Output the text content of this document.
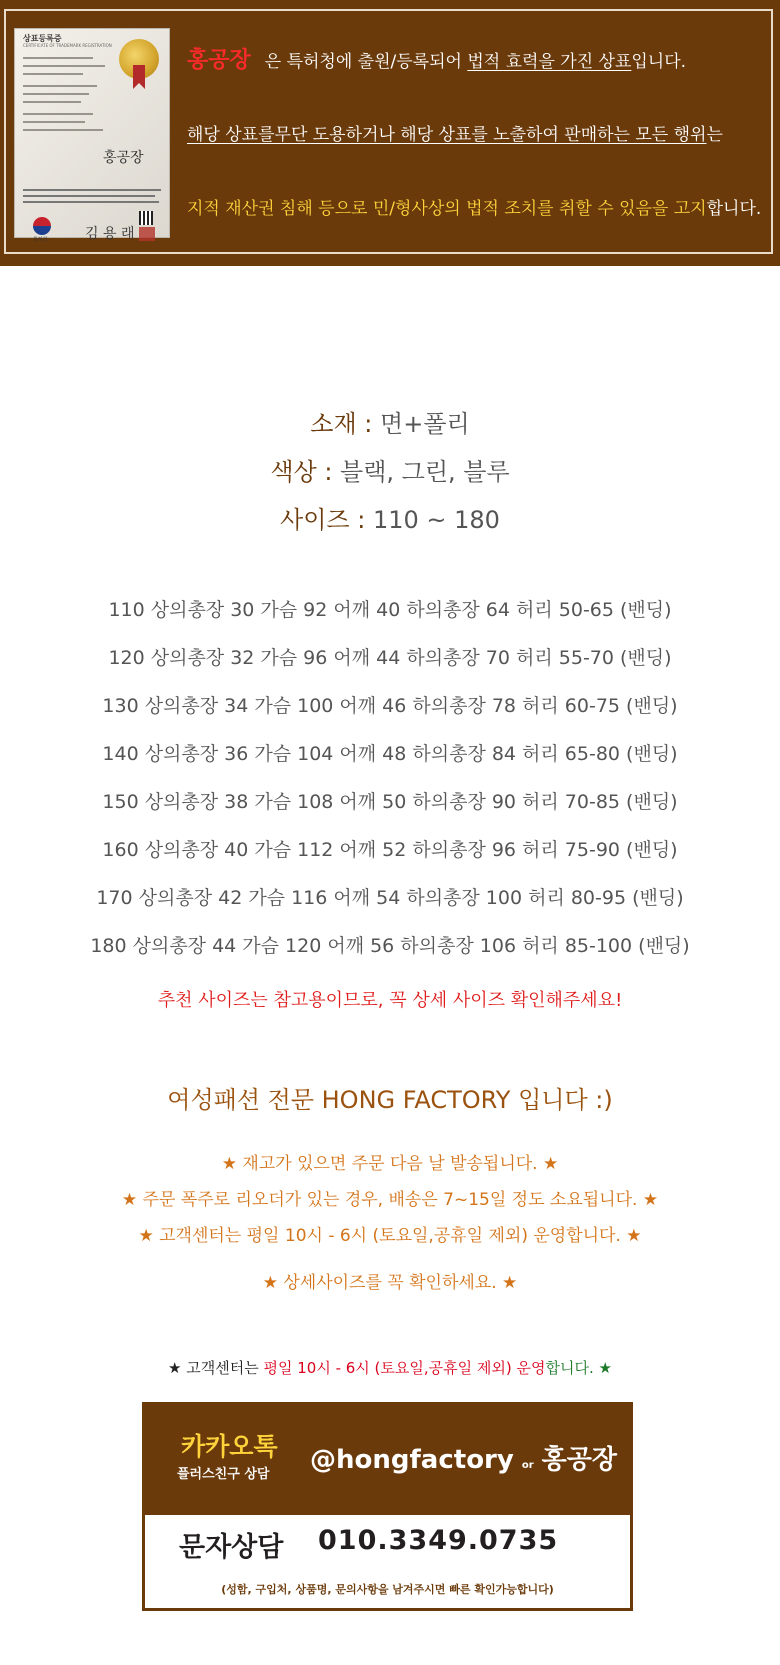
상표등록증
CERTIFICATE OF TRADEMARK REGISTRATION
홍공장
특허청	김 용 래
홍공장 은 특허청에 출원/등록되어 법적 효력을 가진 상표입니다.
해당 상표를무단 도용하거나 해당 상표를 노출하여 판매하는 모든 행위는
지적 재산권 침해 등으로 민/형사상의 법적 조치를 취할 수 있음을 고지합니다.
소재 : 면+폴리
색상 : 블랙, 그린, 블루
사이즈 : 110 ~ 180
110 상의총장 30 가슴 92 어깨 40 하의총장 64 허리 50-65 (밴딩)
120 상의총장 32 가슴 96 어깨 44 하의총장 70 허리 55-70 (밴딩)
130 상의총장 34 가슴 100 어깨 46 하의총장 78 허리 60-75 (밴딩)
140 상의총장 36 가슴 104 어깨 48 하의총장 84 허리 65-80 (밴딩)
150 상의총장 38 가슴 108 어깨 50 하의총장 90 허리 70-85 (밴딩)
160 상의총장 40 가슴 112 어깨 52 하의총장 96 허리 75-90 (밴딩)
170 상의총장 42 가슴 116 어깨 54 하의총장 100 허리 80-95 (밴딩)
180 상의총장 44 가슴 120 어깨 56 하의총장 106 허리 85-100 (밴딩)
추천 사이즈는 참고용이므로, 꼭 상세 사이즈 확인해주세요!
여성패션 전문 HONG FACTORY 입니다 :)
★ 재고가 있으면 주문 다음 날 발송됩니다. ★
★ 주문 폭주로 리오더가 있는 경우, 배송은 7~15일 정도 소요됩니다. ★
★ 고객센터는 평일 10시 - 6시 (토요일,공휴일 제외) 운영합니다. ★
★ 상세사이즈를 꼭 확인하세요. ★
★ 고객센터는 평일 10시 - 6시 (토요일,공휴일 제외) 운영합니다. ★
카카오톡
플러스친구 상담 @hongfactory or 홍공장
문자상담 010.3349.0735
(성함, 구입처, 상품명, 문의사항을 남겨주시면 빠른 확인가능합니다)
